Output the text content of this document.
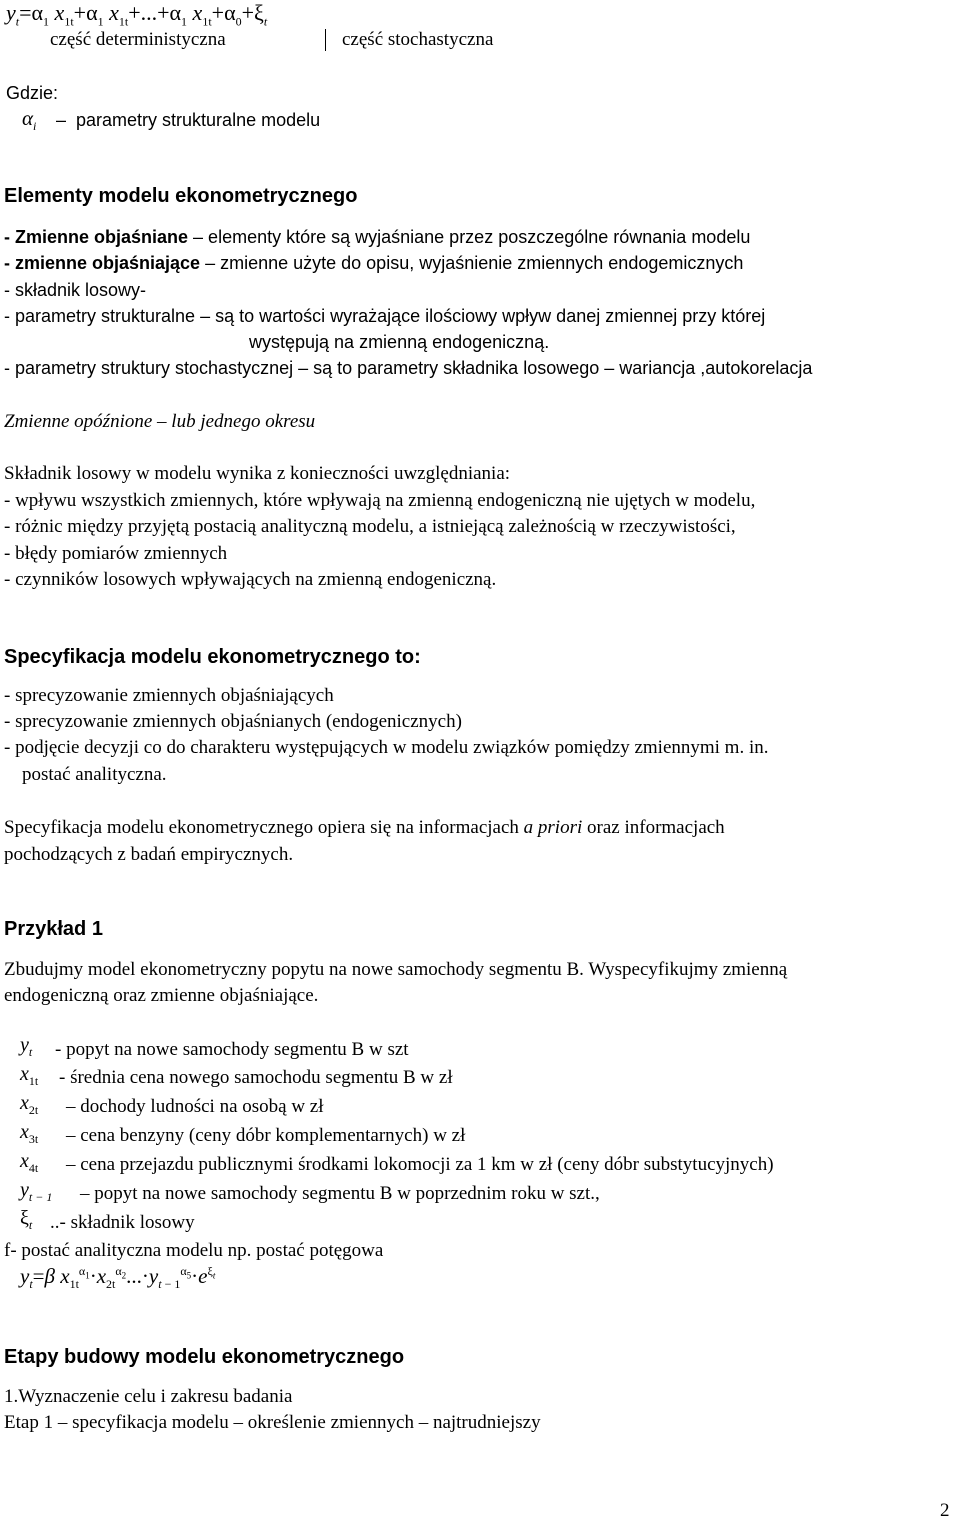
$y_t=\alpha_1$ $x_{1t}+\alpha_1$ $x_{1t}+...+\alpha_1$ $x_{1t}+\alpha_0+\xi_t$
część deterministyczna	część stochastyczna
Gdzie:
$\alpha_i$ –  parametry strukturalne modelu
Elementy modelu ekonometrycznego
- Zmienne objaśniane – elementy które są wyjaśniane przez poszczególne równania modelu
- zmienne objaśniające – zmienne użyte do opisu, wyjaśnienie zmiennych endogemicznych
- składnik losowy-
- parametry strukturalne – są to wartości wyrażające ilościowy wpływ danej zmiennej przy której
występują na zmienną endogeniczną.
- parametry struktury stochastycznej – są to parametry składnika losowego – wariancja ,autokorelacja
Zmienne opóźnione – lub jednego okresu
Składnik losowy w modelu wynika z konieczności uwzględniania:
- wpływu wszystkich zmiennych, które wpływają na zmienną endogeniczną nie ujętych w modelu,
- różnic między przyjętą postacią analityczną modelu, a istniejącą zależnością w rzeczywistości,
- błędy pomiarów zmiennych
- czynników losowych wpływających na zmienną endogeniczną.
Specyfikacja modelu ekonometrycznego to:
- sprecyzowanie zmiennych objaśniających
- sprecyzowanie zmiennych objaśnianych (endogenicznych)
- podjęcie decyzji co do charakteru występujących w modelu związków pomiędzy zmiennymi m. in.
postać analityczna.
Specyfikacja modelu ekonometrycznego opiera się na informacjach a priori oraz informacjach
pochodzących z badań empirycznych.
Przykład 1
Zbudujmy model ekonometryczny popytu na nowe samochody segmentu B. Wyspecyfikujmy zmienną
endogeniczną oraz zmienne objaśniające.
$y_t$ - popyt na nowe samochody segmentu B w szt
$x_{1t}$ - średnia cena nowego samochodu segmentu B w zł
$x_{2t}$ – dochody ludności na osobą w zł
$x_{3t}$ – cena benzyny (ceny dóbr komplementarnych) w zł
$x_{4t}$ – cena przejazdu publicznymi środkami lokomocji za 1 km w zł (ceny dóbr substytucyjnych)
$y_{t - 1}$ – popyt na nowe samochody segmentu B w poprzednim roku w szt.,
$\xi_t$ ..- składnik losowy
f- postać analityczna modelu np. postać potęgowa
$y_t=\beta$ $x_{1t}^{\alpha_1}\cdot x_{2t}^{\alpha_2}...\cdot y_{t - 1}^{\alpha_5}\cdot e^{\xi_t}$
Etapy budowy modelu ekonometrycznego
1.Wyznaczenie celu i zakresu badania
Etap 1 – specyfikacja modelu – określenie zmiennych – najtrudniejszy
2
